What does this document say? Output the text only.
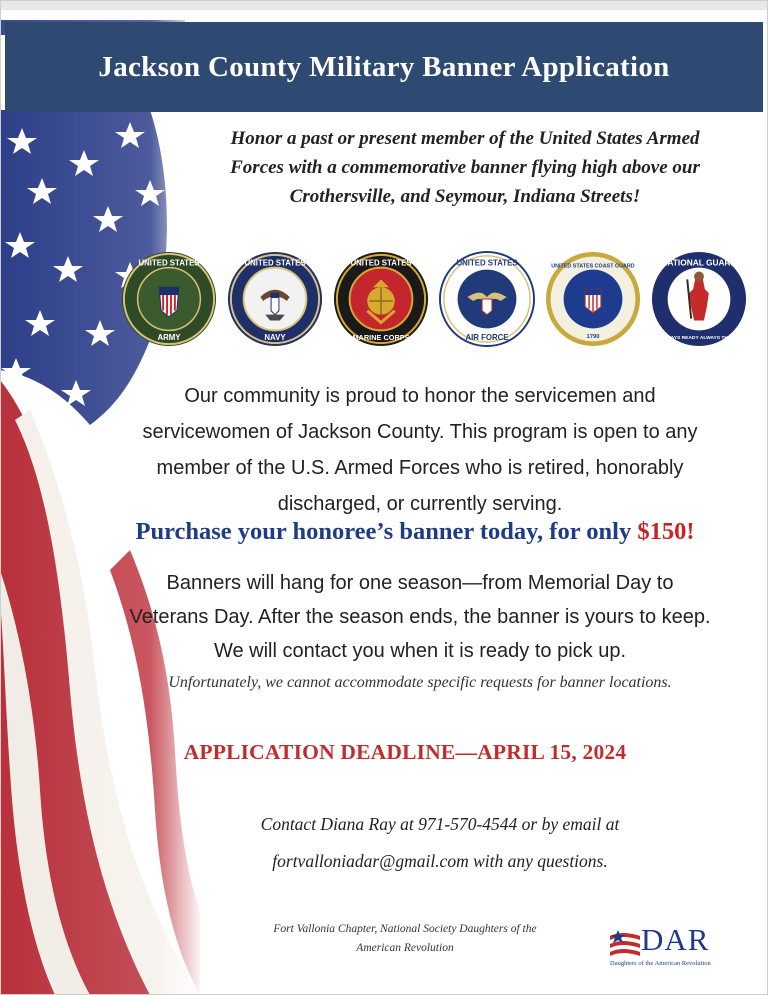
Jackson County Military Banner Application
Honor a past or present member of the United States Armed
Forces with a commemorative banner flying high above our
Crothersville, and Seymour, Indiana Streets!
UNITED STATES
ARMY
UNITED STATES
NAVY
UNITED STATES
MARINE CORPS
UNITED STATES
AIR FORCE
UNITED STATES COAST GUARD
1790
NATIONAL GUARD
ALWAYS READY ALWAYS THERE
Our community is proud to honor the servicemen and
servicewomen of Jackson County. This program is open to any
member of the U.S. Armed Forces who is retired, honorably
discharged, or currently serving.
Purchase your honoree’s banner today, for only $150!
Banners will hang for one season—from Memorial Day to
Veterans Day. After the season ends, the banner is yours to keep.
We will contact you when it is ready to pick up.
Unfortunately, we cannot accommodate specific requests for banner locations.
APPLICATION DEADLINE—APRIL 15, 2024
Contact Diana Ray at 971-570-4544 or by email at
fortvalloniadar@gmail.com with any questions.
Fort Vallonia Chapter, National Society Daughters of the
American Revolution	DAR
Daughters of the American Revolution
